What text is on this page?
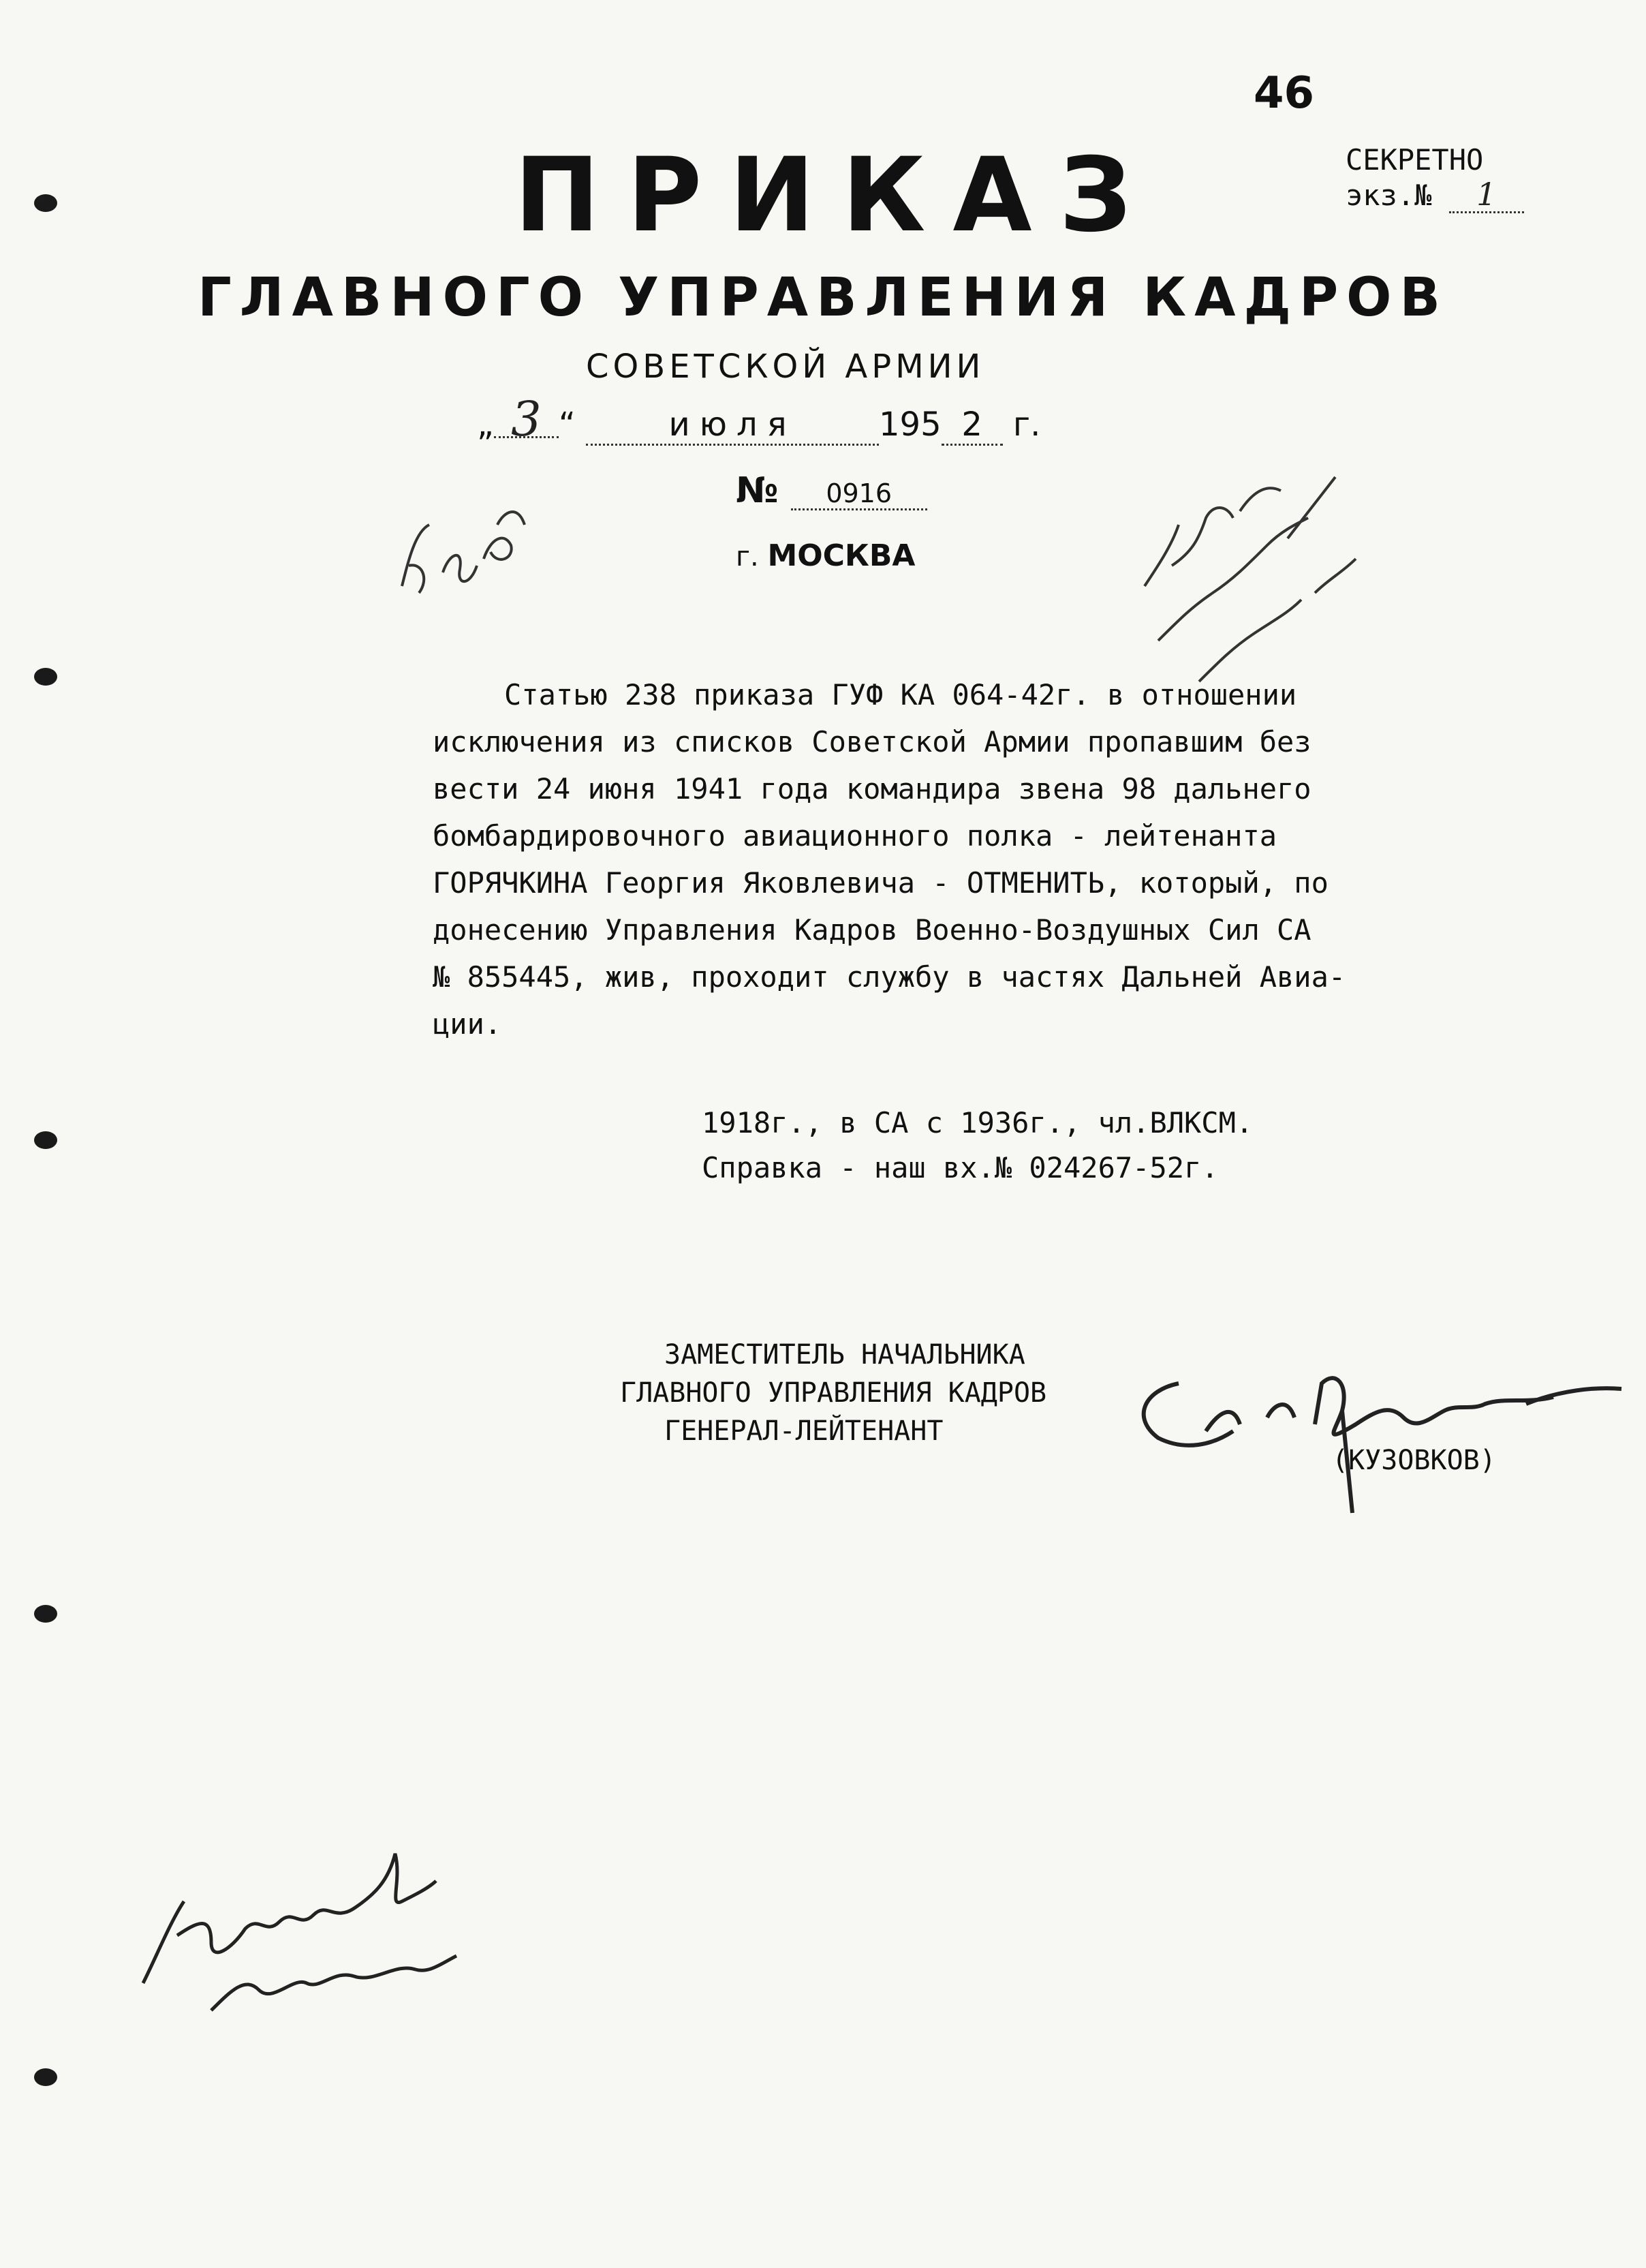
46
СЕКРЕТНО
экз.№ 1
ПРИКАЗ
ГЛАВНОГО УПРАВЛЕНИЯ КАДРОВ
СОВЕТСКОЙ АРМИИ
„ 3 “	июля	195 2 г.
№ 0916
г. МОСКВА

Статью 238 приказа ГУФ КА 064-42г. в отношении

исключения из списков Советской Армии пропавшим без

вести 24 июня 1941 года командира звена 98 дальнего

бомбардировочного авиационного полка - лейтенанта

ГОРЯЧКИНА Георгия Яковлевича - ОТМЕНИТЬ, который, по

донесению Управления Кадров Военно-Воздушных Сил СА

№ 855445, жив, проходит службу в частях Дальней Авиа-

ции.

1918г., в СА с 1936г., чл.ВЛКСМ.
Справка - наш вх.№ 024267-52г.
ЗАМЕСТИТЕЛЬ НАЧАЛЬНИКА
ГЛАВНОГО УПРАВЛЕНИЯ КАДРОВ
ГЕНЕРАЛ-ЛЕЙТЕНАНТ
(КУЗОВКОВ)
